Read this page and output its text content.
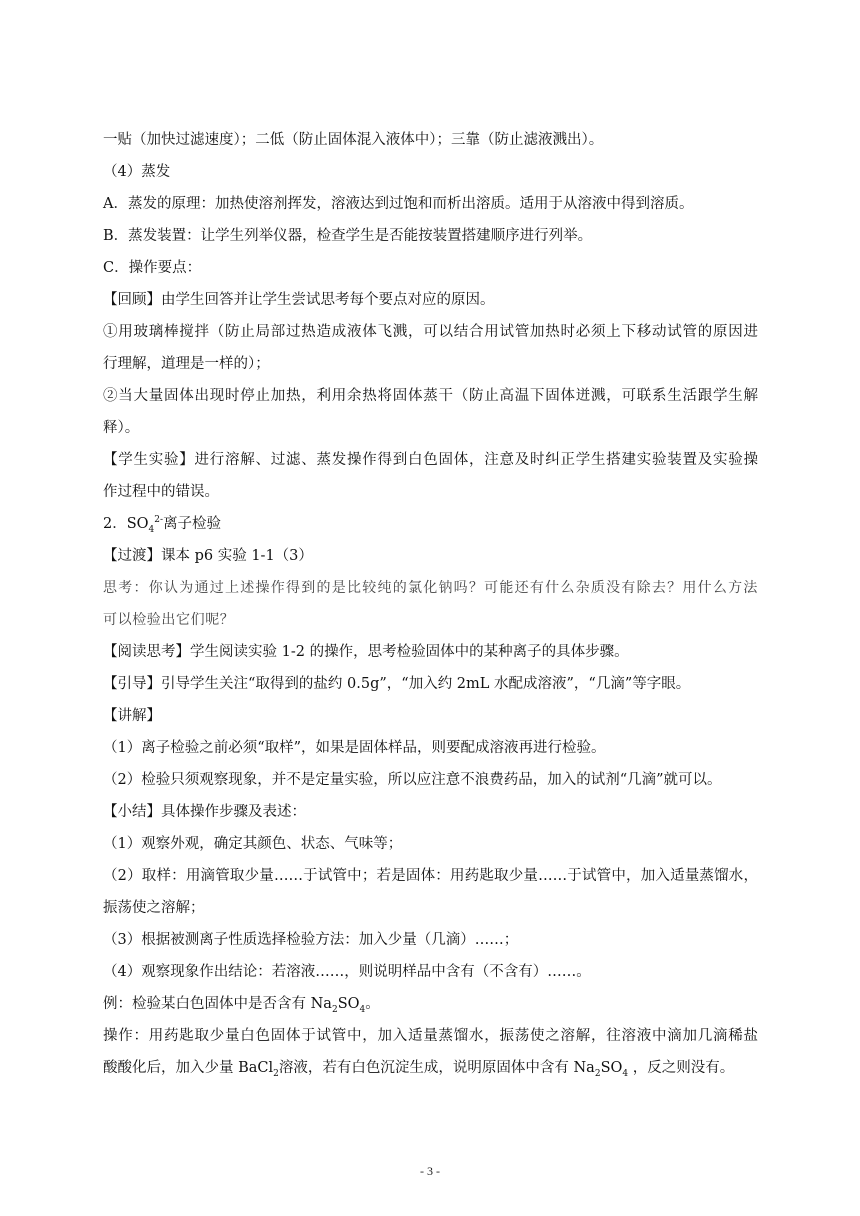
一贴（加快过滤速度）；二低（防止固体混入液体中）；三靠（防止滤液溅出）。
（4）蒸发
A．蒸发的原理：加热使溶剂挥发，溶液达到过饱和而析出溶质。适用于从溶液中得到溶质。
B．蒸发装置：让学生列举仪器，检查学生是否能按装置搭建顺序进行列举。
C．操作要点：
【回顾】由学生回答并让学生尝试思考每个要点对应的原因。
①用玻璃棒搅拌（防止局部过热造成液体飞溅，可以结合用试管加热时必须上下移动试管的原因进
行理解，道理是一样的）；
②当大量固体出现时停止加热，利用余热将固体蒸干（防止高温下固体迸溅，可联系生活跟学生解
释）。
【学生实验】进行溶解、过滤、蒸发操作得到白色固体，注意及时纠正学生搭建实验装置及实验操
作过程中的错误。
2．$SO_4^{2-}$离子检验
【过渡】课本 p6 实验 1-1（3）
思考：你认为通过上述操作得到的是比较纯的氯化钠吗？可能还有什么杂质没有除去？用什么方法
可以检验出它们呢？
【阅读思考】学生阅读实验 1-2 的操作，思考检验固体中的某种离子的具体步骤。
【引导】引导学生关注“取得到的盐约 0.5g”，“加入约 2mL 水配成溶液”，“几滴”等字眼。
【讲解】
（1）离子检验之前必须“取样”，如果是固体样品，则要配成溶液再进行检验。
（2）检验只须观察现象，并不是定量实验，所以应注意不浪费药品，加入的试剂“几滴”就可以。
【小结】具体操作步骤及表述：
（1）观察外观，确定其颜色、状态、气味等；
（2）取样：用滴管取少量……于试管中；若是固体：用药匙取少量……于试管中，加入适量蒸馏水，
振荡使之溶解；
（3）根据被测离子性质选择检验方法：加入少量（几滴）……；
（4）观察现象作出结论：若溶液……，则说明样品中含有（不含有）……。
例：检验某白色固体中是否含有 $Na_2SO_4$。
操作：用药匙取少量白色固体于试管中，加入适量蒸馏水，振荡使之溶解，往溶液中滴加几滴稀盐
酸酸化后，加入少量 BaCl$_2$溶液，若有白色沉淀生成，说明原固体中含有 $Na_2SO_4$ ，反之则没有。
- 3 -
